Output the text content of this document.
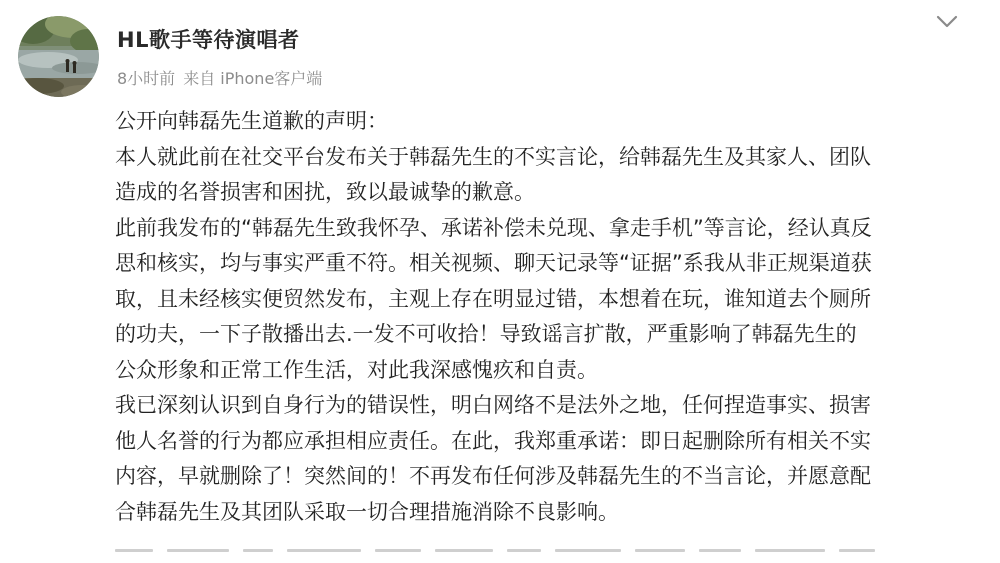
HL歌手等待演唱者
8小时前 来自 iPhone客户端
公开向韩磊先生道歉的声明：
本人就此前在社交平台发布关于韩磊先生的不实言论，给韩磊先生及其家人、团队
造成的名誉损害和困扰，致以最诚挚的歉意。
此前我发布的“韩磊先生致我怀孕、承诺补偿未兑现、拿走手机”等言论，经认真反
思和核实，均与事实严重不符。相关视频、聊天记录等“证据”系我从非正规渠道获
取，且未经核实便贸然发布，主观上存在明显过错，本想着在玩，谁知道去个厕所
的功夫，一下子散播出去.一发不可收拾！导致谣言扩散，严重影响了韩磊先生的
公众形象和正常工作生活，对此我深感愧疚和自责。
我已深刻认识到自身行为的错误性，明白网络不是法外之地，任何捏造事实、损害
他人名誉的行为都应承担相应责任。在此，我郑重承诺：即日起删除所有相关不实
内容，早就删除了！突然间的！不再发布任何涉及韩磊先生的不当言论，并愿意配
合韩磊先生及其团队采取一切合理措施消除不良影响。
